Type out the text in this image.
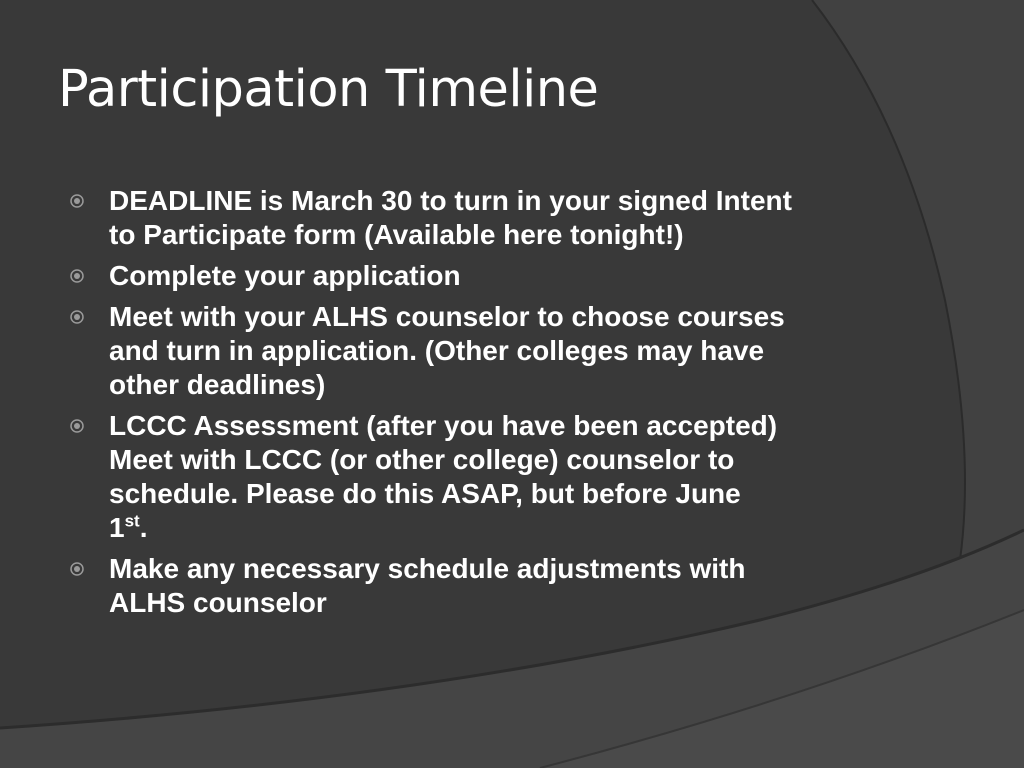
Participation Timeline
DEADLINE is March 30 to turn in your signed Intent
to Participate form (Available here tonight!)
Complete your application
Meet with your ALHS counselor to choose courses
and turn in application. (Other colleges may have
other deadlines)
LCCC Assessment (after you have been accepted)
Meet with LCCC (or other college) counselor to
schedule. Please do this ASAP, but before June
1st.
Make any necessary schedule adjustments with
ALHS counselor
